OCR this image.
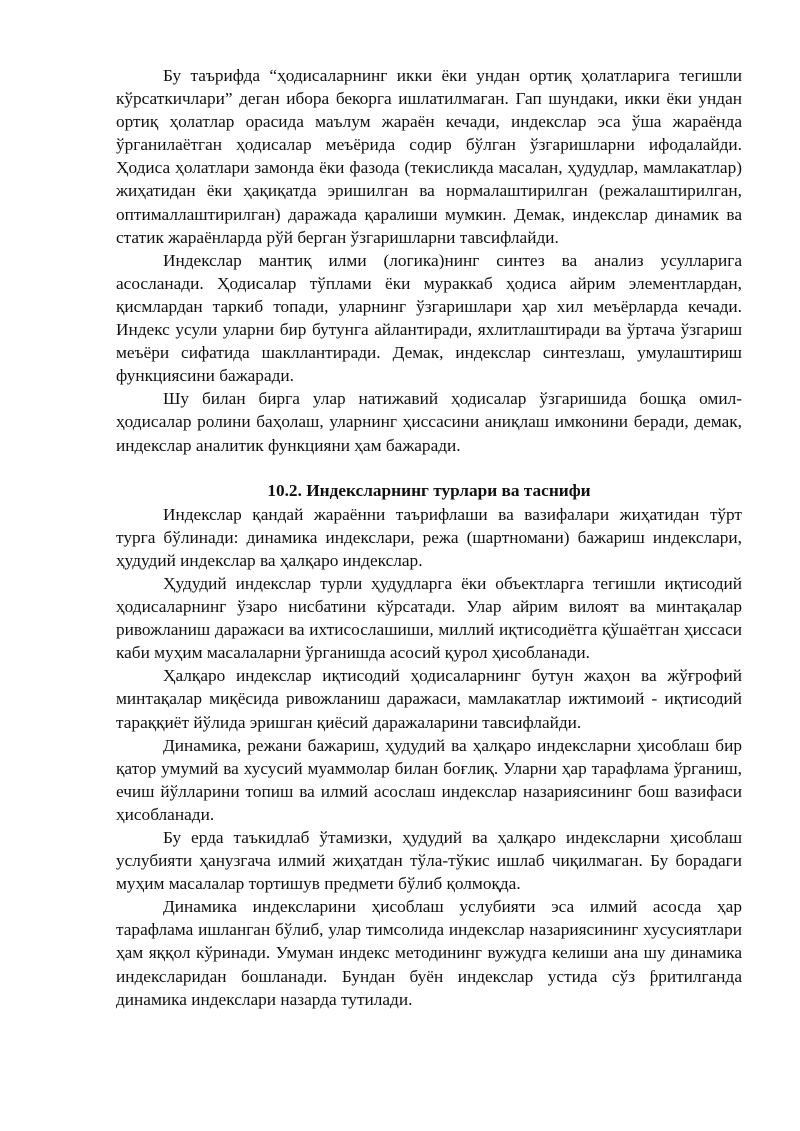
Бу таърифда “ҳодисаларнинг икки ёки ундан ортиқ ҳолатларига тегишли кўрсаткичлари” деган ибора бекорга ишлатилмаган. Гап шундаки, икки ёки ундан ортиқ ҳолатлар орасида маълум жараён кечади, индекслар эса ўша жараёнда ўрганилаётган ҳодисалар меъёрида содир бўлган ўзгаришларни ифодалайди. Ҳодиса ҳолатлари замонда ёки фазода (текисликда масалан, ҳудудлар, мамлакатлар) жиҳатидан ёки ҳақиқатда эришилган ва нормалаштирилган (режалаштирилган, оптималлаштирилган) даражада қаралиши мумкин. Демак, индекслар динамик ва статик жараёнларда рўй берган ўзгаришларни тавсифлайди.

Индекслар мантиқ илми (логика)нинг синтез ва анализ усулларига асосланади. Ҳодисалар тўплами ёки мураккаб ҳодиса айрим элементлардан, қисмлардан таркиб топади, уларнинг ўзгаришлари ҳар хил меъёрларда кечади. Индекс усули уларни бир бутунга айлантиради, яхлитлаштиради ва ўртача ўзгариш меъёри сифатида шакллантиради. Демак, индекслар синтезлаш, умулаштириш функциясини бажаради.

Шу билан бирга улар натижавий ҳодисалар ўзгаришида бошқа омил-ҳодисалар ролини баҳолаш, уларнинг ҳиссасини аниқлаш имконини беради, демак, индекслар аналитик функцияни ҳам бажаради.

10.2. Индексларнинг турлари ва таснифи

Индекслар қандай жараённи таърифлаши ва вазифалари жиҳатидан тўрт турга бўлинади: динамика индекслари, режа (шартномани) бажариш индекслари, ҳудудий индекслар ва ҳалқаро индекслар.

Ҳудудий индекслар турли ҳудудларга ёки объектларга тегишли иқтисодий ҳодисаларнинг ўзаро нисбатини кўрсатади. Улар айрим вилоят ва минтақалар ривожланиш даражаси ва ихтисослашиши, миллий иқтисодиётга қўшаётган ҳиссаси каби муҳим масалаларни ўрганишда асосий қурол ҳисобланади.

Ҳалқаро индекслар иқтисодий ҳодисаларнинг бутун жаҳон ва жўғрофий минтақалар миқёсида ривожланиш даражаси, мамлакатлар ижтимоий - иқтисодий тараққиёт йўлида эришган қиёсий даражаларини тавсифлайди.

Динамика, режани бажариш, ҳудудий ва ҳалқаро индексларни ҳисоблаш бир қатор умумий ва хусусий муаммолар билан боғлиқ. Уларни ҳар тарафлама ўрганиш, ечиш йўлларини топиш ва илмий асослаш индекслар назариясининг бош вазифаси ҳисобланади.

Бу ерда таъкидлаб ўтамизки, ҳудудий ва ҳалқаро индексларни ҳисоблаш услубияти ҳанузгача илмий жиҳатдан тўла-тўкис ишлаб чиқилмаган. Бу борадаги муҳим масалалар тортишув предмети бўлиб қолмоқда.

Динамика индексларини ҳисоблаш услубияти эса илмий асосда ҳар тарафлама ишланган бўлиб, улар тимсолида индекслар назариясининг хусусиятлари ҳам яққол кўринади. Умуман индекс методининг вужудга келиши ана шу динамика индексларидан бошланади. Бундан буён индекслар устида сўз ƥритилганда динамика индекслари назарда тутилади.
